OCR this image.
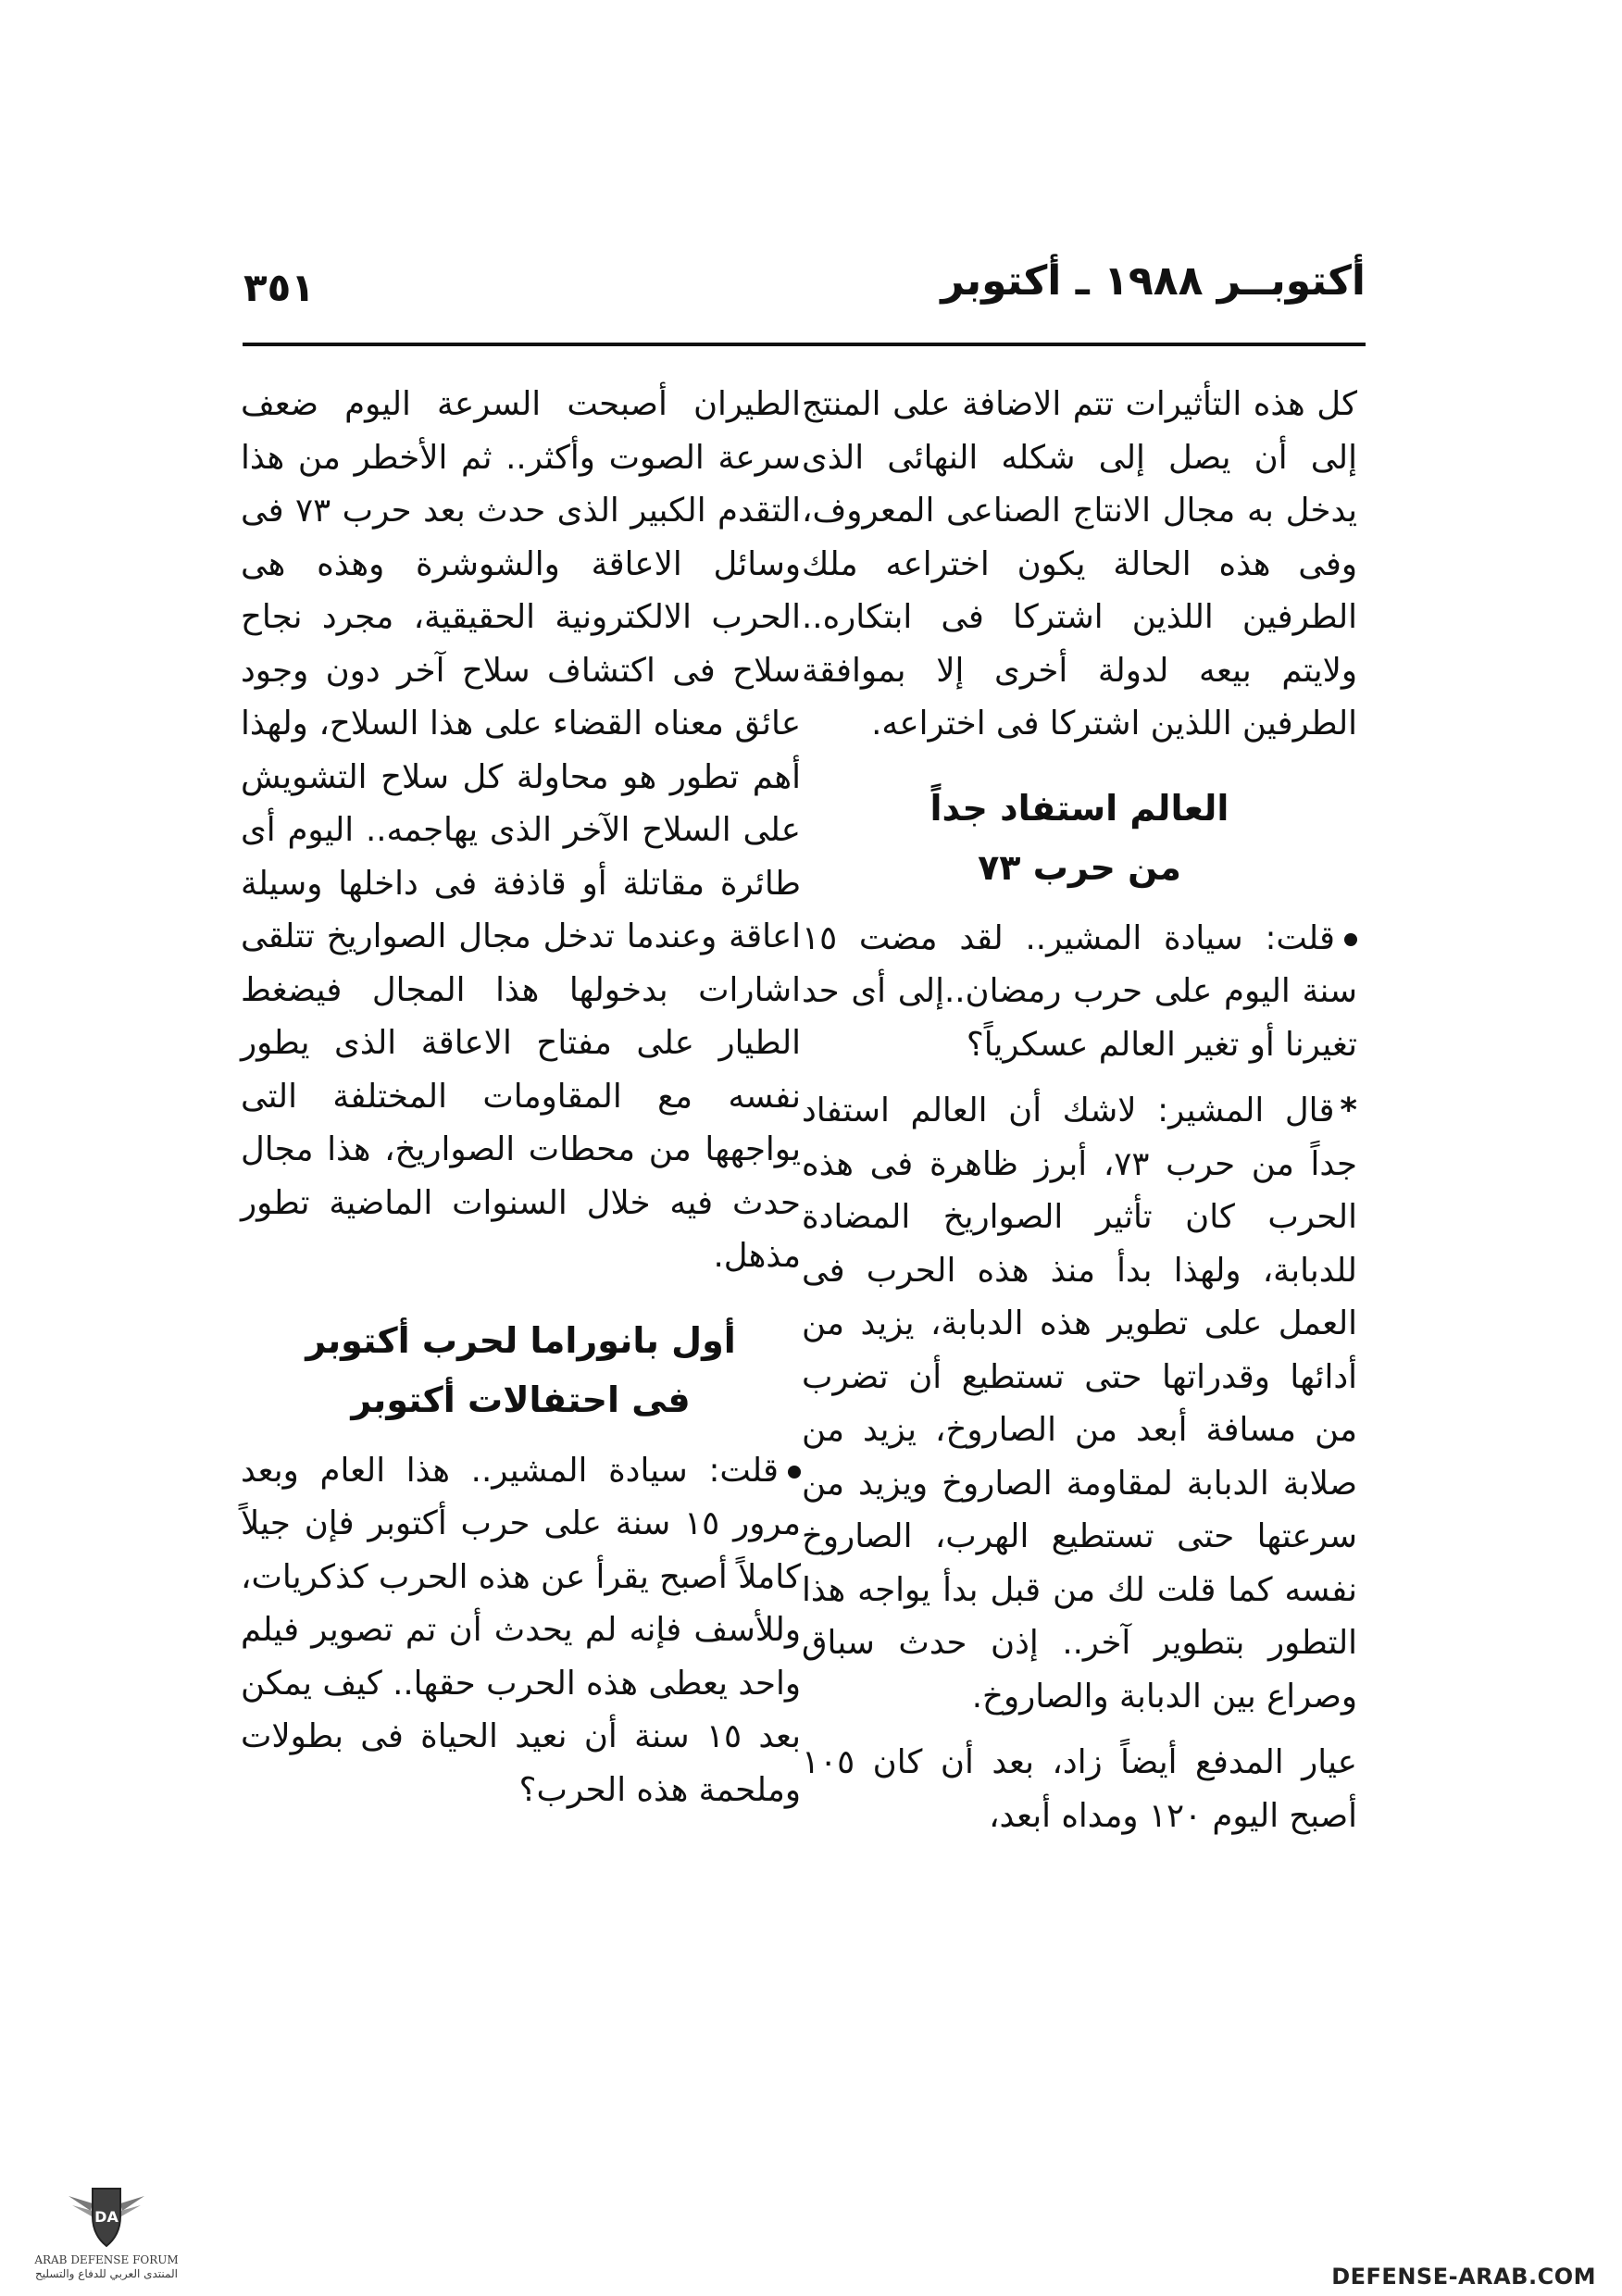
أكتوبــر ١٩٨٨ ـ أكتوبر
٣٥١

كل هذه التأثيرات تتم الاضافة على المنتج إلى أن يصل إلى شكله النهائى الذى يدخل به مجال الانتاج الصناعى المعروف، وفى هذه الحالة يكون اختراعه ملك الطرفين اللذين اشتركا فى ابتكاره.. ولايتم بيعه لدولة أخرى إلا بموافقة الطرفين اللذين اشتركا فى اختراعه.

العالم استفاد جداً
من حرب ٧٣

قلت: سيادة المشير.. لقد مضت ١٥ سنة اليوم على حرب رمضان..إلى أى حد تغيرنا أو تغير العالم عسكرياً؟

*قال المشير: لاشك أن العالم استفاد جداً من حرب ٧٣، أبرز ظاهرة فى هذه الحرب كان تأثير الصواريخ المضادة للدبابة، ولهذا بدأ منذ هذه الحرب فى العمل على تطوير هذه الدبابة، يزيد من أدائها وقدراتها حتى تستطيع أن تضرب من مسافة أبعد من الصاروخ، يزيد من صلابة الدبابة لمقاومة الصاروخ ويزيد من سرعتها حتى تستطيع الهرب، الصاروخ نفسه كما قلت لك من قبل بدأ يواجه هذا التطور بتطوير آخر.. إذن حدث سباق وصراع بين الدبابة والصاروخ.

عيار المدفع أيضاً زاد، بعد أن كان ١٠٥ أصبح اليوم ١٢٠ ومداه أبعد،

الطيران أصبحت السرعة اليوم ضعف سرعة الصوت وأكثر.. ثم الأخطر من هذا التقدم الكبير الذى حدث بعد حرب ٧٣ فى وسائل الاعاقة والشوشرة وهذه هى الحرب الالكترونية الحقيقية، مجرد نجاح سلاح فى اكتشاف سلاح آخر دون وجود عائق معناه القضاء على هذا السلاح، ولهذا أهم تطور هو محاولة كل سلاح التشويش على السلاح الآخر الذى يهاجمه.. اليوم أى طائرة مقاتلة أو قاذفة فى داخلها وسيلة اعاقة وعندما تدخل مجال الصواريخ تتلقى اشارات بدخولها هذا المجال فيضغط الطيار على مفتاح الاعاقة الذى يطور نفسه مع المقاومات المختلفة التى يواجهها من محطات الصواريخ، هذا مجال حدث فيه خلال السنوات الماضية تطور مذهل.

أول بانوراما لحرب أكتوبر
فى احتفالات أكتوبر

قلت: سيادة المشير.. هذا العام وبعد مرور ١٥ سنة على حرب أكتوبر فإن جيلاً كاملاً أصبح يقرأ عن هذه الحرب كذكريات، وللأسف فإنه لم يحدث أن تم تصوير فيلم واحد يعطى هذه الحرب حقها.. كيف يمكن بعد ١٥ سنة أن نعيد الحياة فى بطولات وملحمة هذه الحرب؟

DA
ARAB DEFENSE FORUM
المنتدى العربي للدفاع والتسليح	DEFENSE-ARAB.COM
